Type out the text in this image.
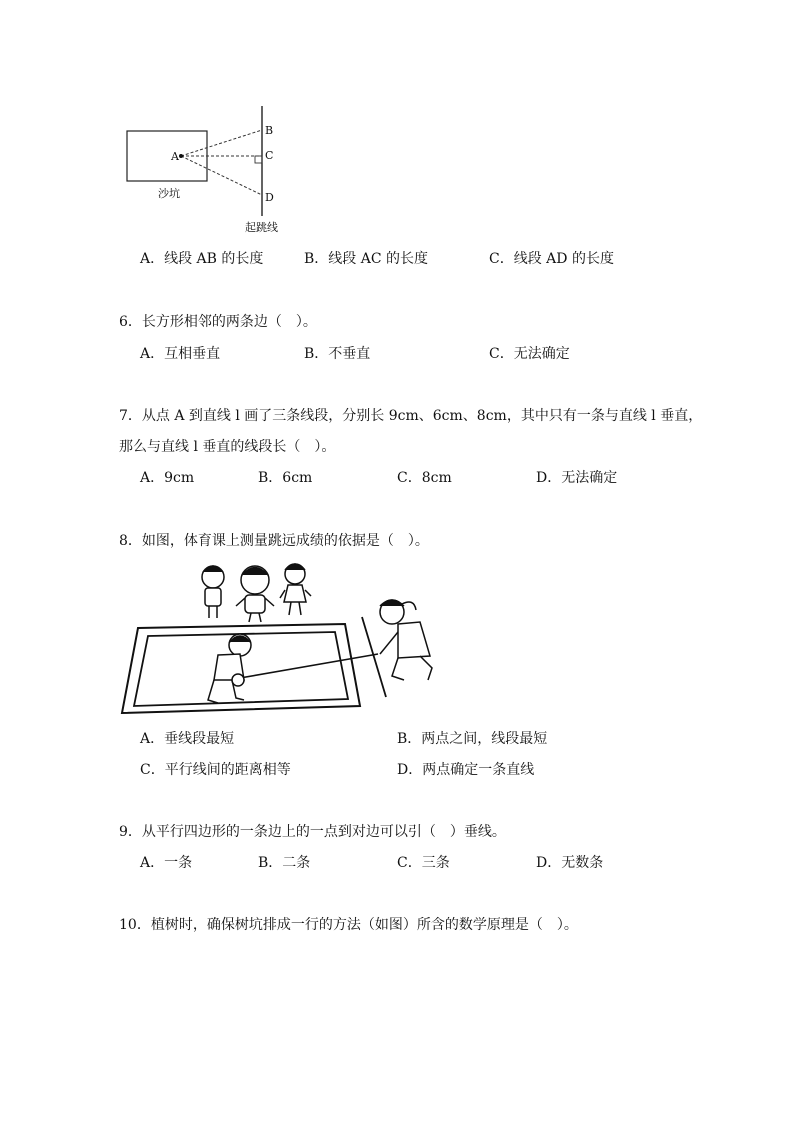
A
B
C
D
沙坑
起跳线
A．线段 AB 的长度	B．线段 AC 的长度	C．线段 AD 的长度
6．长方形相邻的两条边（　）。
A．互相垂直	B．不垂直	C．无法确定
7．从点 A 到直线 l 画了三条线段，分别长 9cm、6cm、8cm，其中只有一条与直线 l 垂直，
那么与直线 l 垂直的线段长（　）。
A．9cm	B．6cm	C．8cm	D．无法确定
8．如图，体育课上测量跳远成绩的依据是（　）。
A．垂线段最短	B．两点之间，线段最短
C．平行线间的距离相等	D．两点确定一条直线
9．从平行四边形的一条边上的一点到对边可以引（　）垂线。
A．一条	B．二条	C．三条	D．无数条
10．植树时，确保树坑排成一行的方法（如图）所含的数学原理是（　）。
